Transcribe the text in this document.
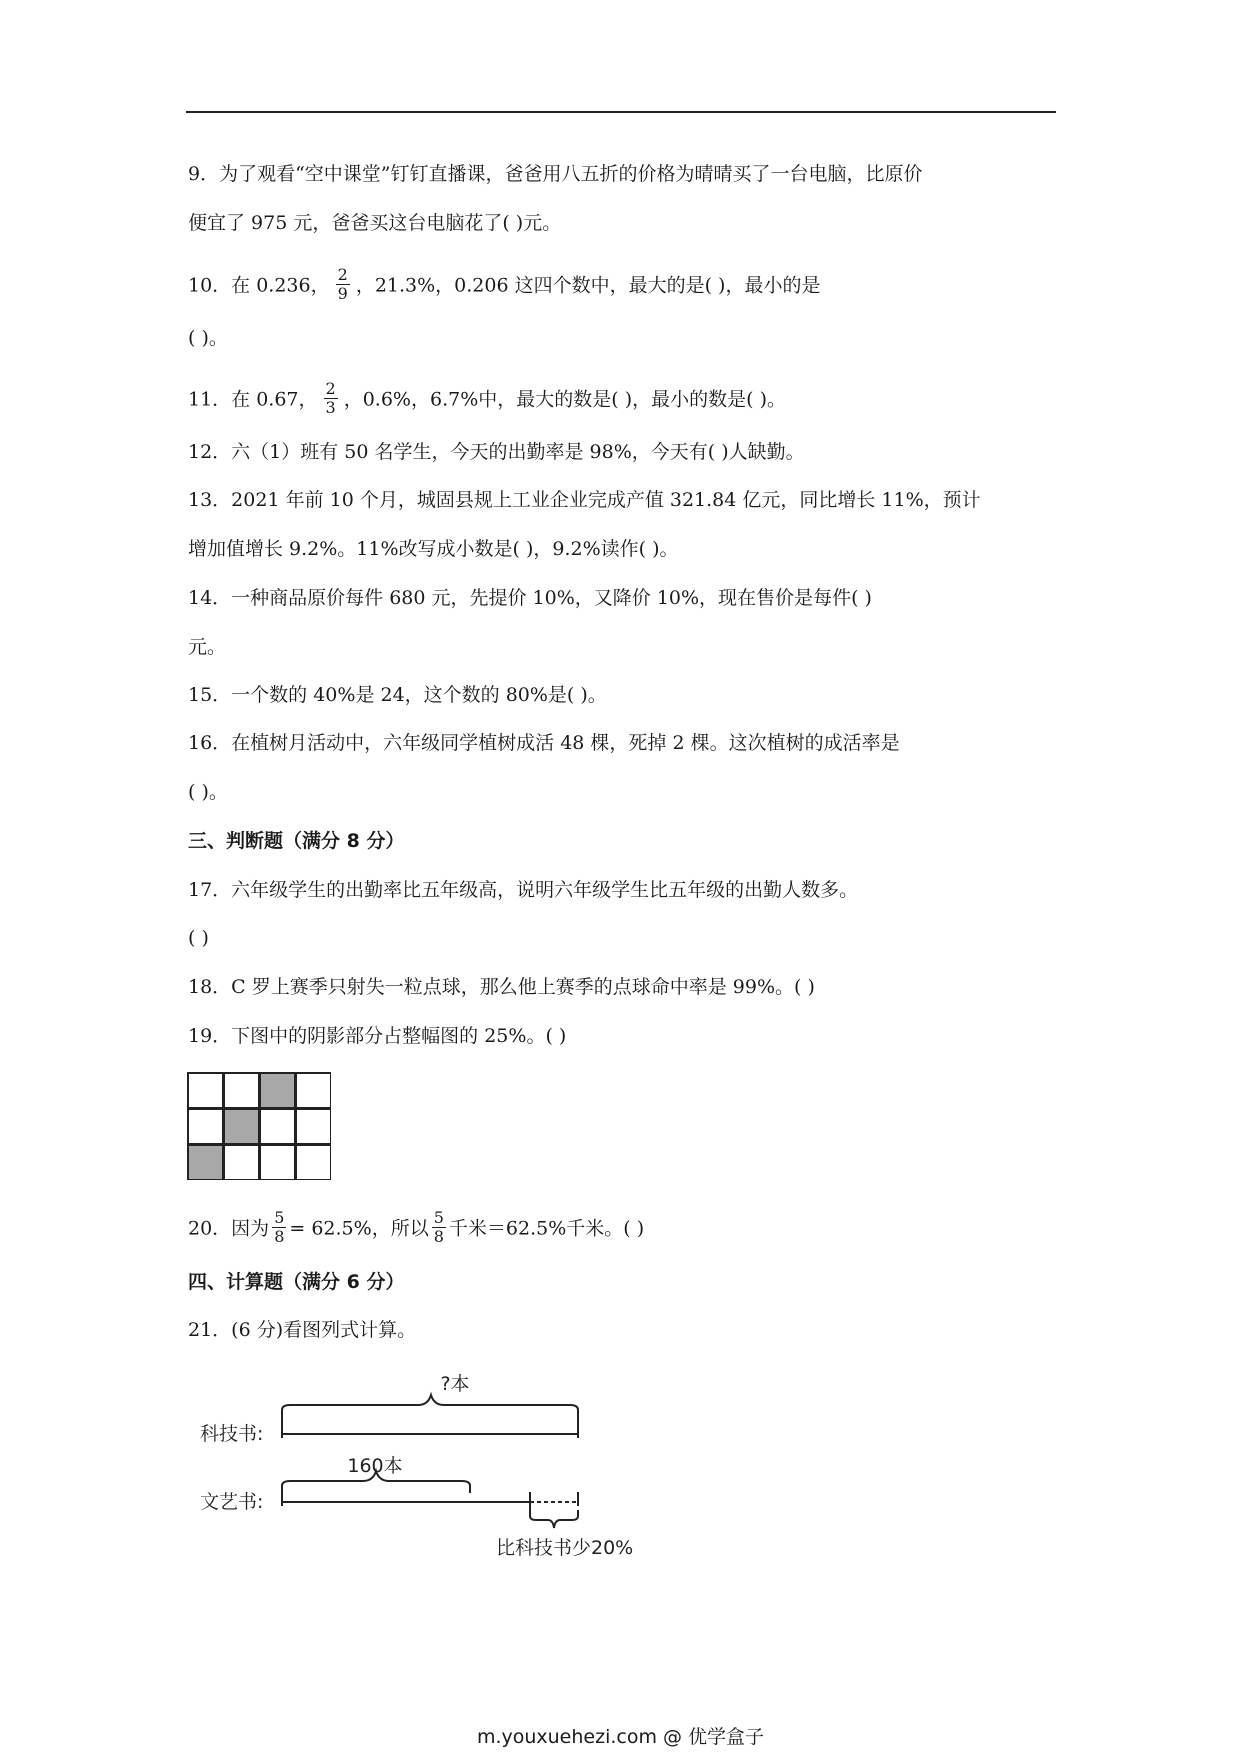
9．为了观看“空中课堂”钉钉直播课，爸爸用八五折的价格为晴晴买了一台电脑，比原价
便宜了 975 元，爸爸买这台电脑花了( )元。
10．在 0.236， $\frac{2}{9}$ ，21.3%，0.206 这四个数中，最大的是( )，最小的是
( )。
11．在 0.67， $\frac{2}{3}$ ，0.6%，6.7%中，最大的数是( )，最小的数是( )。
12．六（1）班有 50 名学生，今天的出勤率是 98%，今天有( )人缺勤。
13．2021 年前 10 个月，城固县规上工业企业完成产值 321.84 亿元，同比增长 11%，预计
增加值增长 9.2%。11%改写成小数是( )，9.2%读作( )。
14．一种商品原价每件 680 元，先提价 10%，又降价 10%，现在售价是每件( )
元。
15．一个数的 40%是 24，这个数的 80%是( )。
16．在植树月活动中，六年级同学植树成活 48 棵，死掉 2 棵。这次植树的成活率是
( )。
三、判断题（满分 8 分）
17．六年级学生的出勤率比五年级高，说明六年级学生比五年级的出勤人数多。
( )
18．C 罗上赛季只射失一粒点球，那么他上赛季的点球命中率是 99%。( )
19．下图中的阴影部分占整幅图的 25%。( )
20．因为 $\frac{5}{8} = 62.5\%$，所以 $\frac{5}{8}$ 千米＝62.5%千米。( )
四、计算题（满分 6 分）
21．(6 分)看图列式计算。
?本
科技书:
160本
文艺书:
比科技书少20%
m.youxuehezi.com @ 优学盒子
